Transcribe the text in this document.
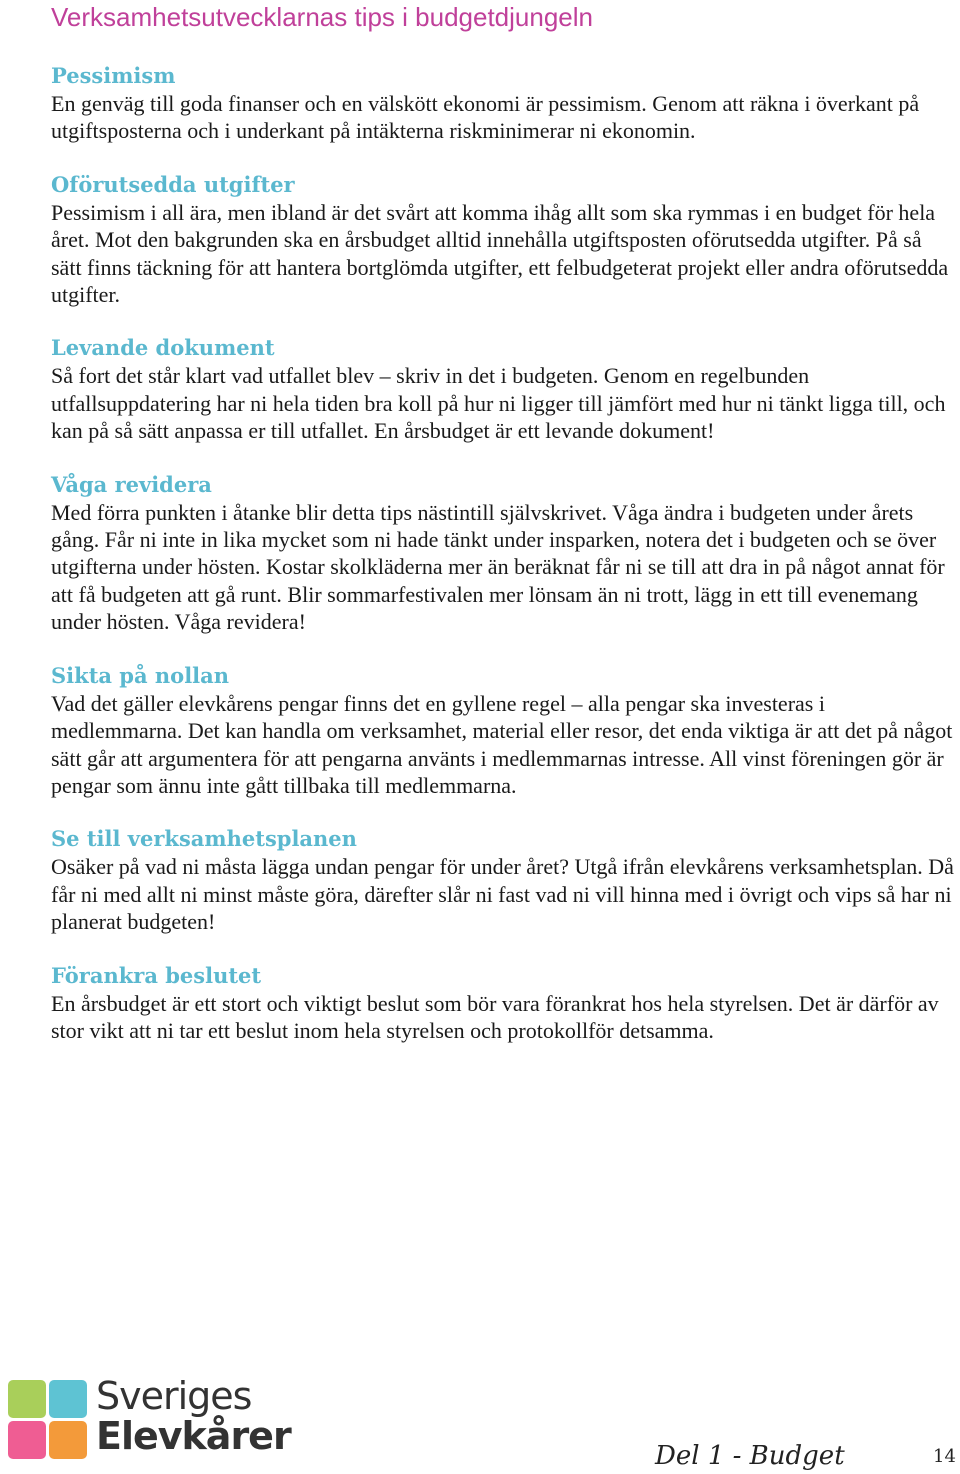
Verksamhetsutvecklarnas tips i budgetdjungeln
Pessimism

En genväg till goda finanser och en välskött ekonomi är pessimism. Genom att räkna i överkant på utgiftsposterna och i underkant på intäkterna riskminimerar ni ekonomin.

Oförutsedda utgifter

Pessimism i all ära, men ibland är det svårt att komma ihåg allt som ska rymmas i en budget för hela året. Mot den bakgrunden ska en årsbudget alltid innehålla utgiftsposten oförutsedda utgifter. På så sätt finns täckning för att hantera bortglömda utgifter, ett felbudgeterat projekt eller andra oförutsedda utgifter.

Levande dokument

Så fort det står klart vad utfallet blev – skriv in det i budgeten. Genom en regelbunden utfallsuppdatering har ni hela tiden bra koll på hur ni ligger till jämfört med hur ni tänkt ligga till, och kan på så sätt anpassa er till utfallet. En årsbudget är ett levande dokument!

Våga revidera

Med förra punkten i åtanke blir detta tips nästintill självskrivet. Våga ändra i budgeten under årets gång. Får ni inte in lika mycket som ni hade tänkt under insparken, notera det i budgeten och se över utgifterna under hösten. Kostar skolkläderna mer än beräknat får ni se till att dra in på något annat för att få budgeten att gå runt. Blir sommarfestivalen mer lönsam än ni trott, lägg in ett till evenemang under hösten. Våga revidera!

Sikta på nollan

Vad det gäller elevkårens pengar finns det en gyllene regel – alla pengar ska investeras i medlemmarna. Det kan handla om verksamhet, material eller resor, det enda viktiga är att det på något sätt går att argumentera för att pengarna använts i medlemmarnas intresse. All vinst föreningen gör är pengar som ännu inte gått tillbaka till medlemmarna.

Se till verksamhetsplanen

Osäker på vad ni måsta lägga undan pengar för under året? Utgå ifrån elevkårens verksamhetsplan. Då får ni med allt ni minst måste göra, därefter slår ni fast vad ni vill hinna med i övrigt och vips så har ni planerat budgeten!

Förankra beslutet

En årsbudget är ett stort och viktigt beslut som bör vara förankrat hos hela styrelsen. Det är därför av stor vikt att ni tar ett beslut inom hela styrelsen och protokollför detsamma.

Sveriges
Elevkårer	Del 1 - Budget	14
